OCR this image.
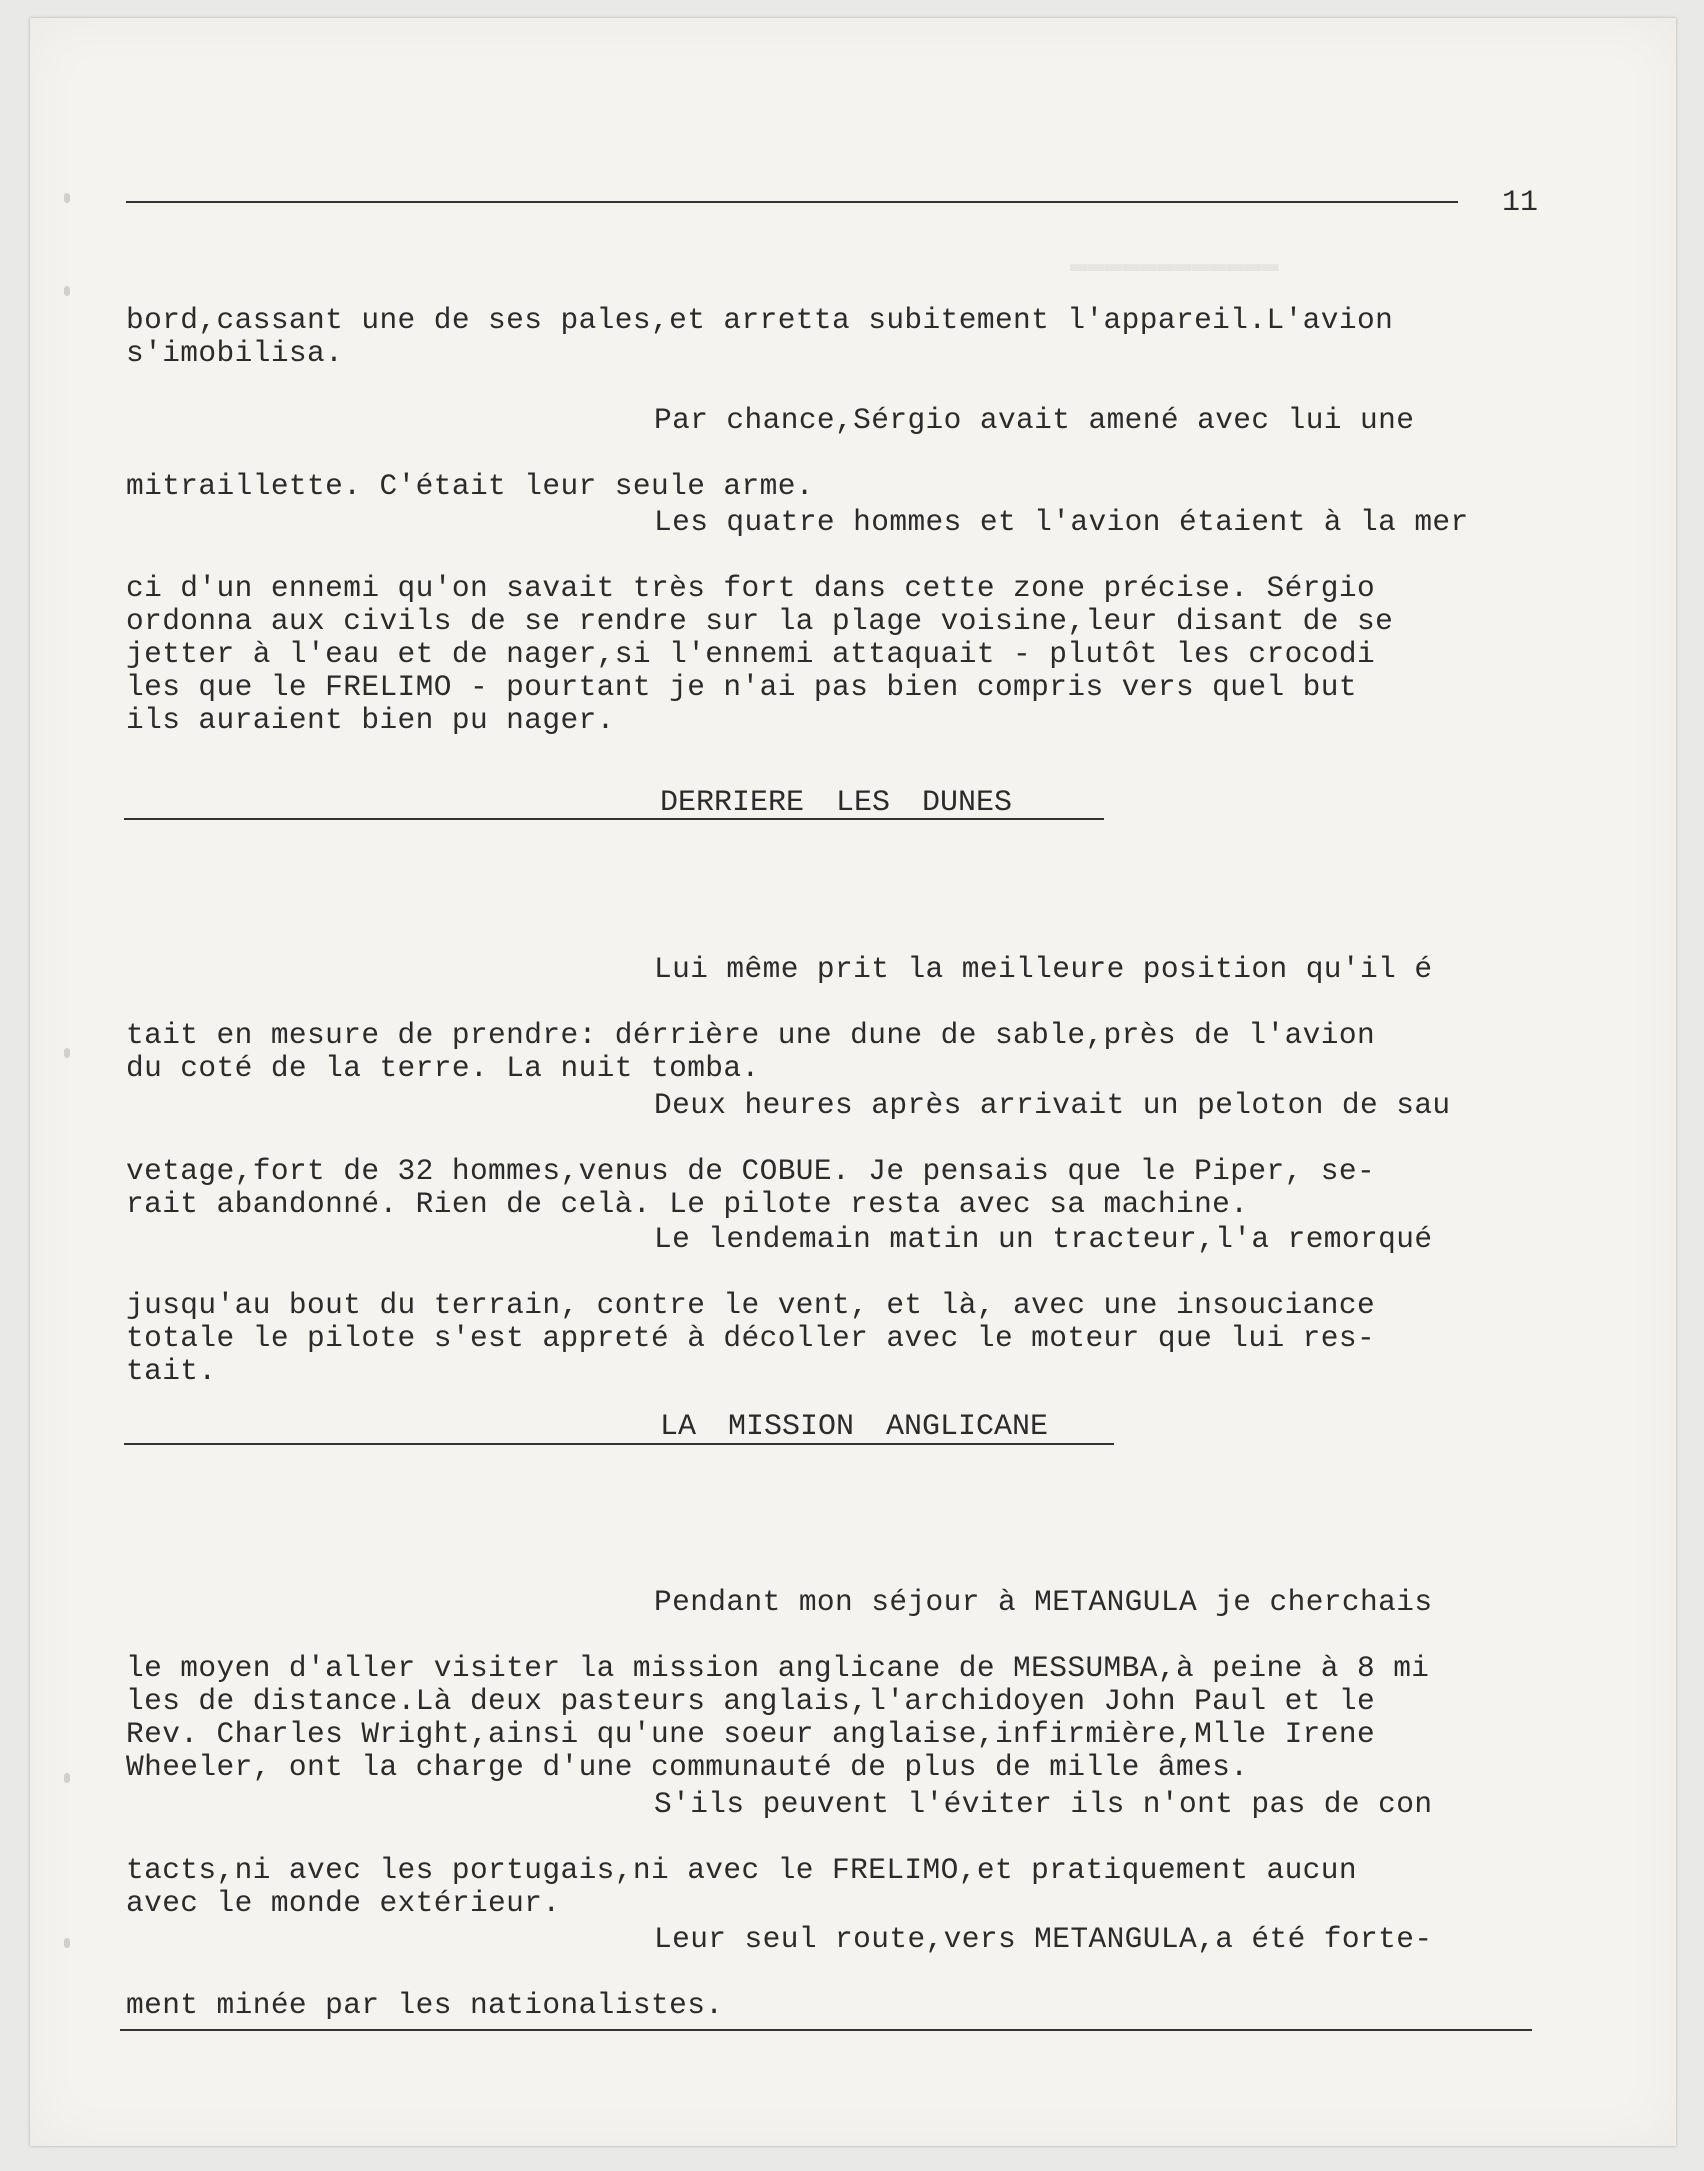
▬▬▬▬▬▬▬▬▬▬▬▬
11

bord,cassant une de ses pales,et arretta subitement l'appareil.L'avion
s'imobilisa.

Par chance,Sérgio avait amené avec lui une

mitraillette. C'était leur seule arme.

Les quatre hommes et l'avion étaient à la mer

ci d'un ennemi qu'on savait très fort dans cette zone précise. Sérgio
ordonna aux civils de se rendre sur la plage voisine,leur disant de se
jetter à l'eau et de nager,si l'ennemi attaquait - plutôt les crocodi
les que le FRELIMO - pourtant je n'ai pas bien compris vers quel but
ils auraient bien pu nager.

DERRIERE LES DUNES

Lui même prit la meilleure position qu'il é

tait en mesure de prendre: dérrière une dune de sable,près de l'avion
du coté de la terre. La nuit tomba.

Deux heures après arrivait un peloton de sau

vetage,fort de 32 hommes,venus de COBUE. Je pensais que le Piper, se-
rait abandonné. Rien de celà. Le pilote resta avec sa machine.

Le lendemain matin un tracteur,l'a remorqué

jusqu'au bout du terrain, contre le vent, et là, avec une insouciance
totale le pilote s'est appreté à décoller avec le moteur que lui res-
tait.

LA MISSION ANGLICANE

Pendant mon séjour à METANGULA je cherchais

le moyen d'aller visiter la mission anglicane de MESSUMBA,à peine à 8 mi
les de distance.Là deux pasteurs anglais,l'archidoyen John Paul et le
Rev. Charles Wright,ainsi qu'une soeur anglaise,infirmière,Mlle Irene
Wheeler, ont la charge d'une communauté de plus de mille âmes.

S'ils peuvent l'éviter ils n'ont pas de con

tacts,ni avec les portugais,ni avec le FRELIMO,et pratiquement aucun
avec le monde extérieur.

Leur seul route,vers METANGULA,a été forte-

ment minée par les nationalistes.
